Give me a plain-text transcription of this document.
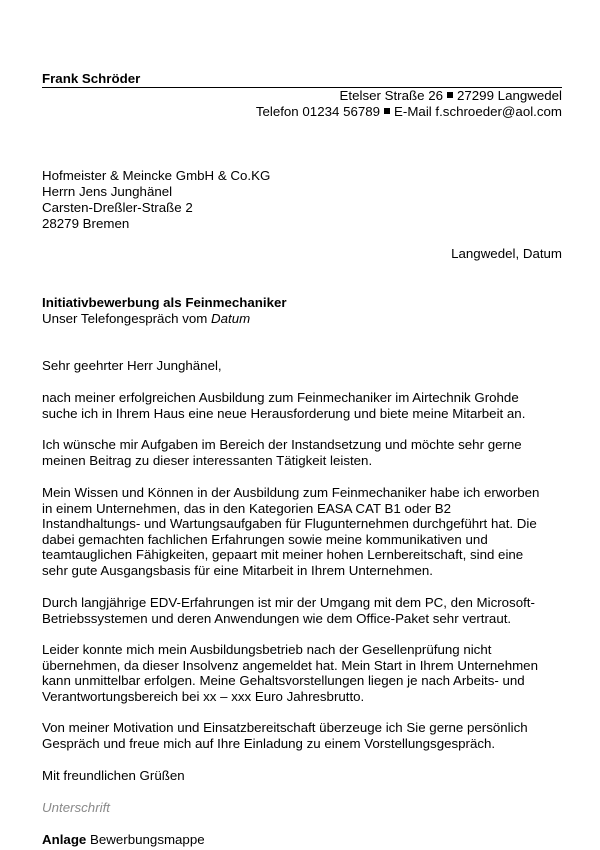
Frank Schröder
Etelser Straße 26 27299 Langwedel
Telefon 01234 56789 E-Mail f.schroeder@aol.com
Hofmeister & Meincke GmbH & Co.KG
Herrn Jens Junghänel
Carsten-Dreßler-Straße 2
28279 Bremen
Langwedel, Datum
Initiativbewerbung als Feinmechaniker
Unser Telefongespräch vom Datum
Sehr geehrter Herr Junghänel,
nach meiner erfolgreichen Ausbildung zum Feinmechaniker im Airtechnik Grohde
suche ich in Ihrem Haus eine neue Herausforderung und biete meine Mitarbeit an.
Ich wünsche mir Aufgaben im Bereich der Instandsetzung und möchte sehr gerne
meinen Beitrag zu dieser interessanten Tätigkeit leisten.
Mein Wissen und Können in der Ausbildung zum Feinmechaniker habe ich erworben
in einem Unternehmen, das in den Kategorien EASA CAT B1 oder B2
Instandhaltungs- und Wartungsaufgaben für Flugunternehmen durchgeführt hat. Die
dabei gemachten fachlichen Erfahrungen sowie meine kommunikativen und
teamtauglichen Fähigkeiten, gepaart mit meiner hohen Lernbereitschaft, sind eine
sehr gute Ausgangsbasis für eine Mitarbeit in Ihrem Unternehmen.
Durch langjährige EDV-Erfahrungen ist mir der Umgang mit dem PC, den Microsoft-
Betriebssystemen und deren Anwendungen wie dem Office-Paket sehr vertraut.
Leider konnte mich mein Ausbildungsbetrieb nach der Gesellenprüfung nicht
übernehmen, da dieser Insolvenz angemeldet hat. Mein Start in Ihrem Unternehmen
kann unmittelbar erfolgen. Meine Gehaltsvorstellungen liegen je nach Arbeits- und
Verantwortungsbereich bei xx – xxx Euro Jahresbrutto.
Von meiner Motivation und Einsatzbereitschaft überzeuge ich Sie gerne persönlich
Gespräch und freue mich auf Ihre Einladung zu einem Vorstellungsgespräch.
Mit freundlichen Grüßen
Unterschrift
Anlage Bewerbungsmappe
